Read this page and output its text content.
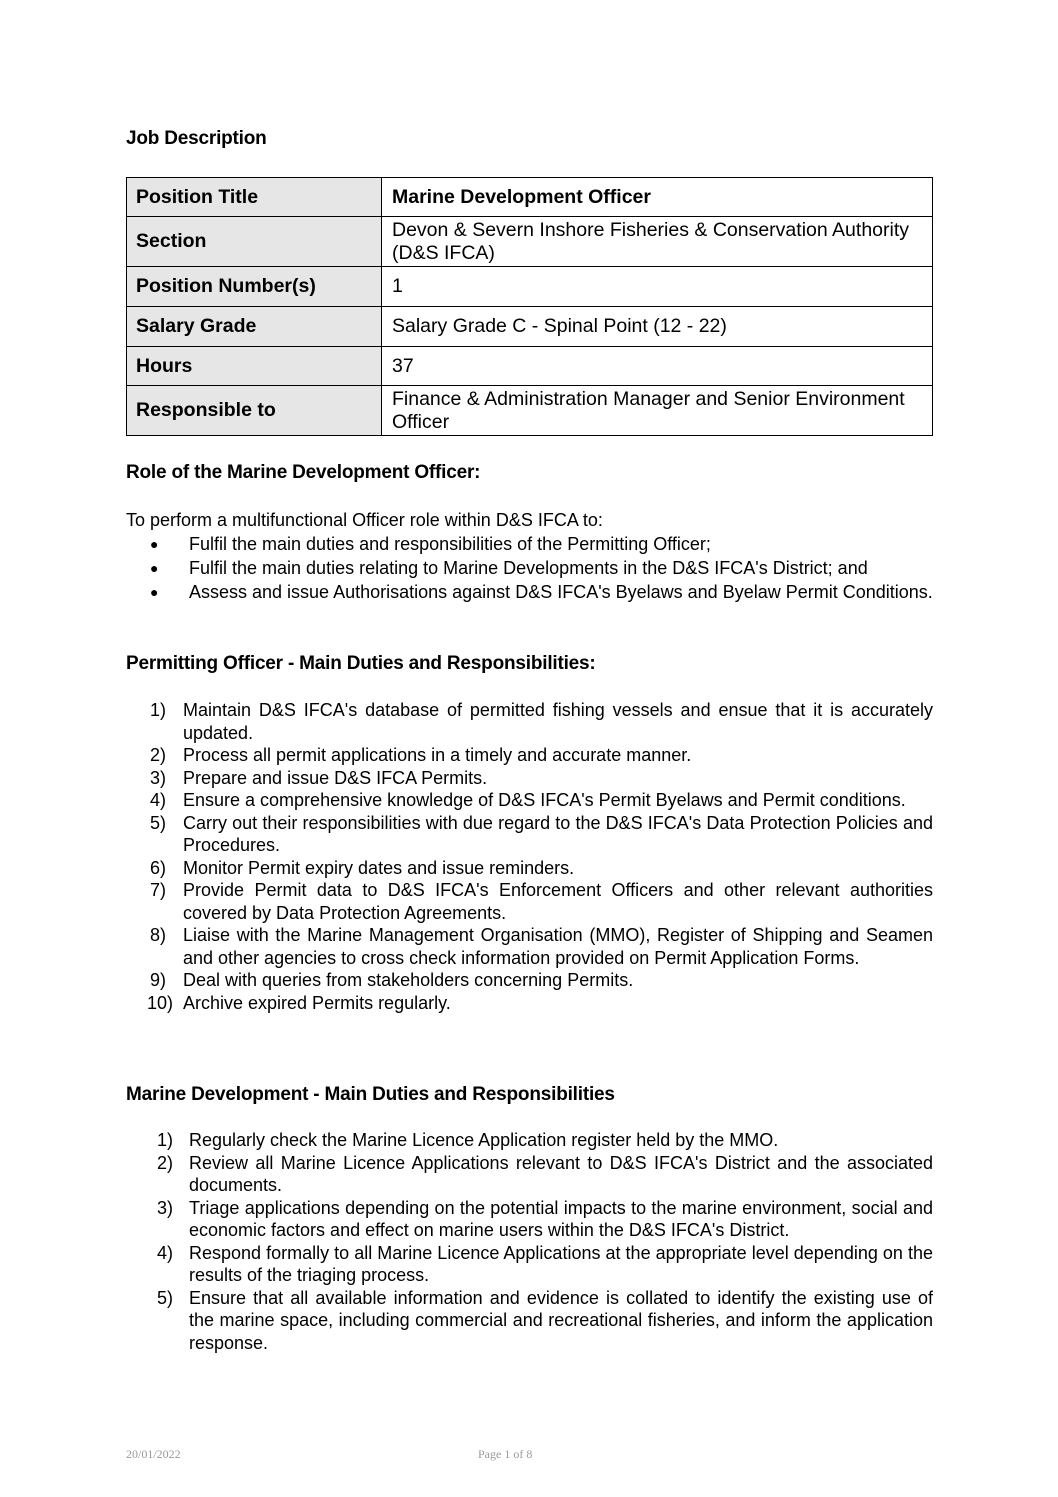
Job Description
Position Title	Marine Development Officer
Section	Devon & Severn Inshore Fisheries & Conservation Authority (D&S IFCA)
Position Number(s)	1
Salary Grade	Salary Grade C - Spinal Point (12 - 22)
Hours	37
Responsible to	Finance & Administration Manager and Senior Environment Officer
Role of the Marine Development Officer:
To perform a multifunctional Officer role within D&S IFCA to:
● Fulfil the main duties and responsibilities of the Permitting Officer;
● Fulfil the main duties relating to Marine Developments in the D&S IFCA's District; and
● Assess and issue Authorisations against D&S IFCA's Byelaws and Byelaw Permit Conditions.
Permitting Officer - Main Duties and Responsibilities:
1) Maintain D&S IFCA's database of permitted fishing vessels and ensue that it is accurately updated.
2) Process all permit applications in a timely and accurate manner.
3) Prepare and issue D&S IFCA Permits.
4) Ensure a comprehensive knowledge of D&S IFCA's Permit Byelaws and Permit conditions.
5) Carry out their responsibilities with due regard to the D&S IFCA's Data Protection Policies and Procedures.
6) Monitor Permit expiry dates and issue reminders.
7) Provide Permit data to D&S IFCA's Enforcement Officers and other relevant authorities covered by Data Protection Agreements.
8) Liaise with the Marine Management Organisation (MMO), Register of Shipping and Seamen and other agencies to cross check information provided on Permit Application Forms.
9) Deal with queries from stakeholders concerning Permits.
10) Archive expired Permits regularly.
Marine Development - Main Duties and Responsibilities
1) Regularly check the Marine Licence Application register held by the MMO.
2) Review all Marine Licence Applications relevant to D&S IFCA's District and the associated documents.
3) Triage applications depending on the potential impacts to the marine environment, social and economic factors and effect on marine users within the D&S IFCA's District.
4) Respond formally to all Marine Licence Applications at the appropriate level depending on the results of the triaging process.
5) Ensure that all available information and evidence is collated to identify the existing use of the marine space, including commercial and recreational fisheries, and inform the application response.
20/01/2022	Page 1 of 8
